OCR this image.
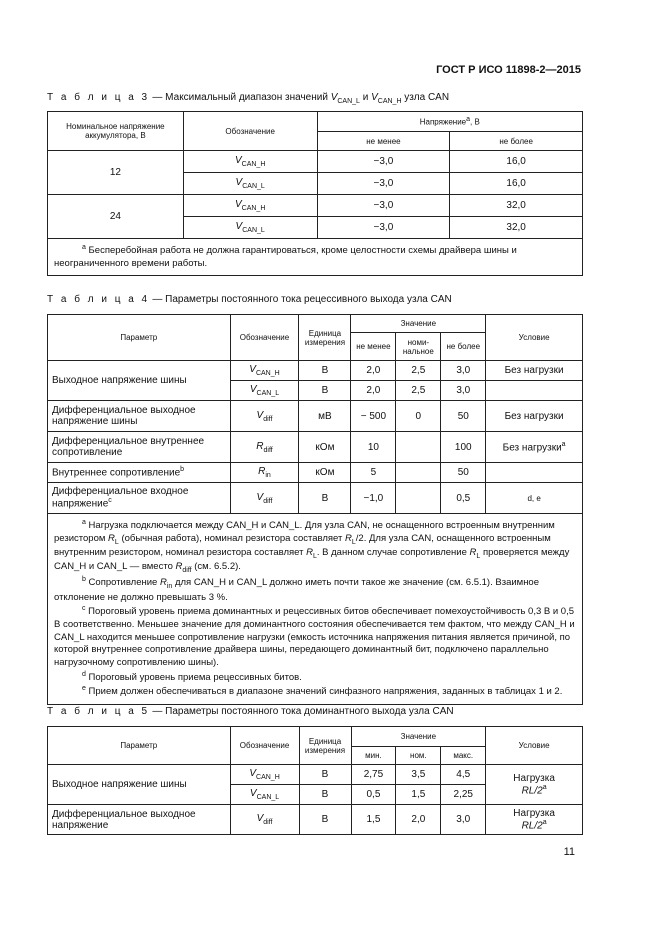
ГОСТ Р ИСО 11898-2—2015
Т а б л и ц а 3 — Максимальный диапазон значений $V_{CAN\_L}$ и $V_{CAN\_H}$ узла CAN
Номинальное напряжение аккумулятора, В	Обозначение	Напряжение$^a$, В	
		не менее	не более
12	$V_{CAN\_H}$	−3,0	16,0
	$V_{CAN\_L}$	−3,0	16,0
24	$V_{CAN\_H}$	−3,0	32,0
	$V_{CAN\_L}$	−3,0	32,0

$^a$ Бесперебойная работа не должна гарантироваться, кроме целостности схемы драйвера шины и неограниченного времени работы.			
Т а б л и ц а 4 — Параметры постоянного тока рецессивного выхода узла CAN
Параметр	Обозначение	Единица измерения	Значение			Условие
			не менее	номи-нальное	не более	
Выходное напряжение шины	$V_{CAN\_H}$	В	2,0	2,5	3,0	Без нагрузки
	$V_{CAN\_L}$	В	2,0	2,5	3,0	
Дифференциальное выходное напряжение шины	$V_{diff}$	мВ	− 500	0	50	Без нагрузки
Дифференциальное внутреннее сопротивление	$R_{diff}$	кОм	10		100	Без нагрузки$^a$
Внутреннее сопротивление$^b$	$R_{in}$	кОм	5		50	
Дифференциальное входное напряжение$^c$	$V_{diff}$	В	−1,0		0,5	d, e

$^a$ Нагрузка подключается между CAN_H и CAN_L. Для узла CAN, не оснащенного встроенным внутренним резистором $R_L$ (обычная работа), номинал резистора составляет $R_L/2$. Для узла CAN, оснащенного встроенным внутренним резистором, номинал резистора составляет $R_L$. В данном случае сопротивление $R_L$ проверяется между CAN_H и CAN_L — вместо $R_{diff}$ (см. 6.5.2).
$^b$ Сопротивление $R_{in}$ для CAN_H и CAN_L должно иметь почти такое же значение (см. 6.5.1). Взаимное отклонение не должно превышать 3 %.
$^c$ Пороговый уровень приема доминантных и рецессивных битов обеспечивает помехоустойчивость 0,3 В и 0,5 В соответственно. Меньшее значение для доминантного состояния обеспечивается тем фактом, что между CAN_H и CAN_L находится меньшее сопротивление нагрузки (емкость источника напряжения питания является причиной, по которой внутреннее сопротивление драйвера шины, передающего доминантный бит, подключено параллельно нагрузочному сопротивлению шины).
$^d$ Пороговый уровень приема рецессивных битов.
$^e$ Прием должен обеспечиваться в диапазоне значений синфазного напряжения, заданных в таблицах 1 и 2.						
Т а б л и ц а 5 — Параметры постоянного тока доминантного выхода узла CAN
Параметр	Обозначение	Единица измерения	Значение			Условие
			мин.	ном.	макс.	
Выходное напряжение шины	$V_{CAN\_H}$	В	2,75	3,5	4,5	Нагрузка
RL/2$^a$

	$V_{CAN\_L}$	В	0,5	1,5	2,25	
Дифференциальное выходное напряжение	$V_{diff}$	В	1,5	2,0	3,0	Нагрузка
RL/2$^a$
11
